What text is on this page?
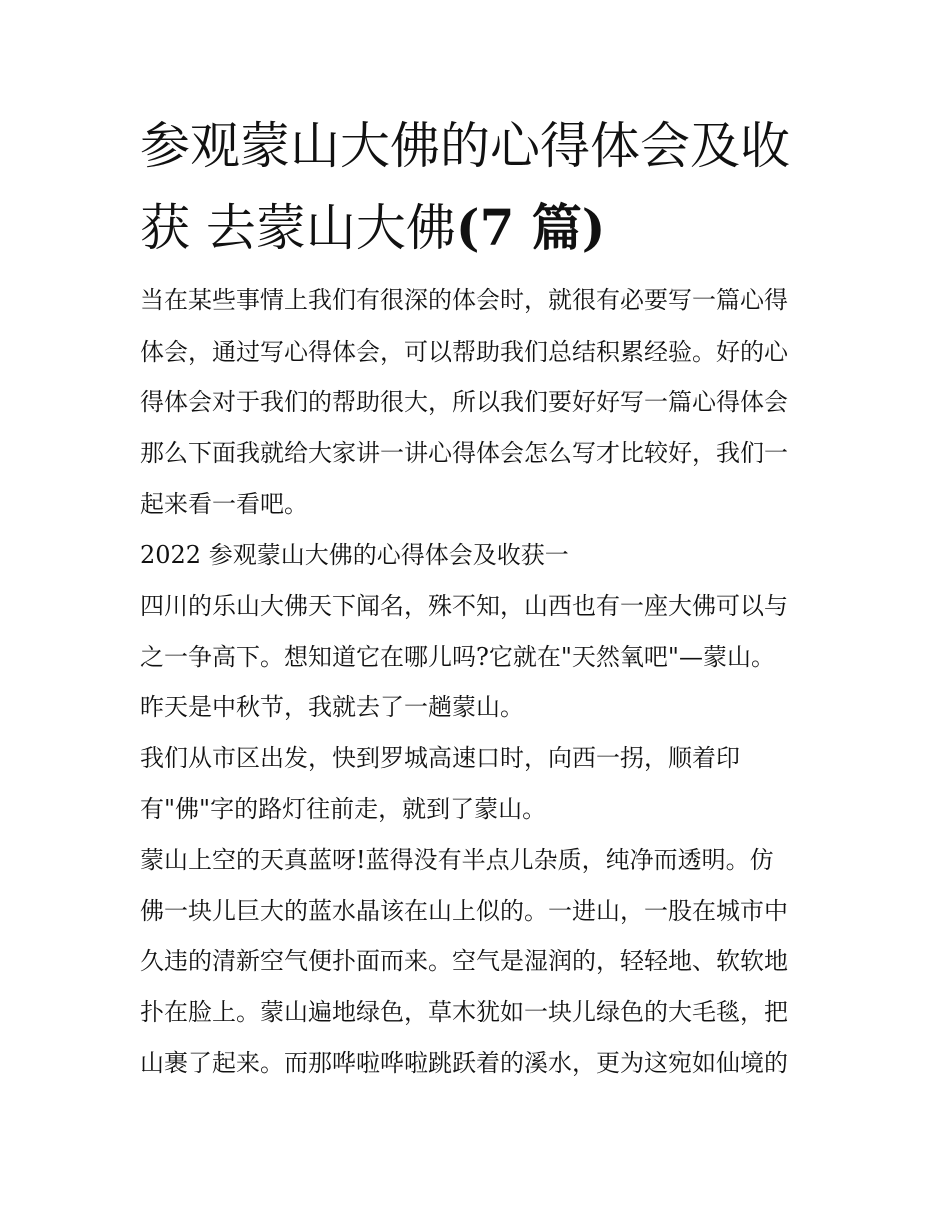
参观蒙山大佛的心得体会及收
获 去蒙山大佛(7 篇)
当在某些事情上我们有很深的体会时，就很有必要写一篇心得
体会，通过写心得体会，可以帮助我们总结积累经验。好的心
得体会对于我们的帮助很大，所以我们要好好写一篇心得体会
那么下面我就给大家讲一讲心得体会怎么写才比较好，我们一
起来看一看吧。
2022 参观蒙山大佛的心得体会及收获一
四川的乐山大佛天下闻名，殊不知，山西也有一座大佛可以与
之一争高下。想知道它在哪儿吗?它就在"天然氧吧"—蒙山。
昨天是中秋节，我就去了一趟蒙山。
我们从市区出发，快到罗城高速口时，向西一拐，顺着印
有"佛"字的路灯往前走，就到了蒙山。
蒙山上空的天真蓝呀!蓝得没有半点儿杂质，纯净而透明。仿
佛一块儿巨大的蓝水晶该在山上似的。一进山，一股在城市中
久违的清新空气便扑面而来。空气是湿润的，轻轻地、软软地
扑在脸上。蒙山遍地绿色，草木犹如一块儿绿色的大毛毯，把
山裹了起来。而那哗啦哗啦跳跃着的溪水，更为这宛如仙境的
